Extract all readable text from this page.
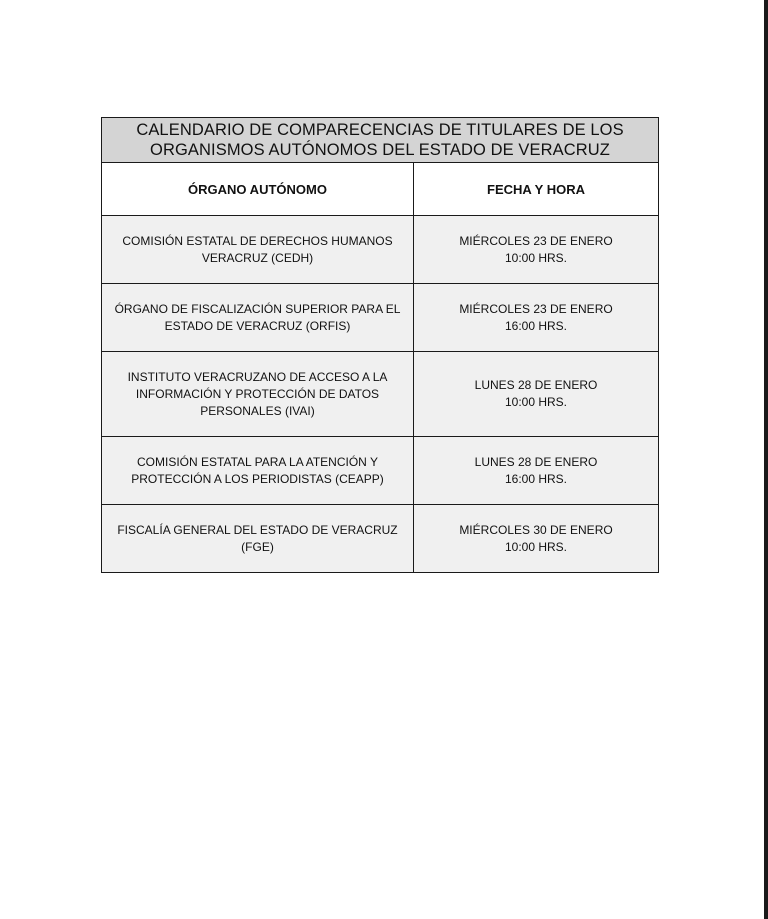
CALENDARIO DE COMPARECENCIAS DE TITULARES DE LOS
ORGANISMOS AUTÓNOMOS DEL ESTADO DE VERACRUZ	

ÓRGANO AUTÓNOMO	FECHA Y HORA

COMISIÓN ESTATAL DE DERECHOS HUMANOS
VERACRUZ (CEDH)	MIÉRCOLES 23 DE ENERO
10:00 HRS.

ÓRGANO DE FISCALIZACIÓN SUPERIOR PARA EL
ESTADO DE VERACRUZ (ORFIS)	MIÉRCOLES 23 DE ENERO
16:00 HRS.

INSTITUTO VERACRUZANO DE ACCESO A LA
INFORMACIÓN Y PROTECCIÓN DE DATOS
PERSONALES (IVAI)	LUNES 28 DE ENERO
10:00 HRS.

COMISIÓN ESTATAL PARA LA ATENCIÓN Y
PROTECCIÓN A LOS PERIODISTAS (CEAPP)	LUNES 28 DE ENERO
16:00 HRS.

FISCALÍA GENERAL DEL ESTADO DE VERACRUZ (FGE)	MIÉRCOLES 30 DE ENERO
10:00 HRS.
